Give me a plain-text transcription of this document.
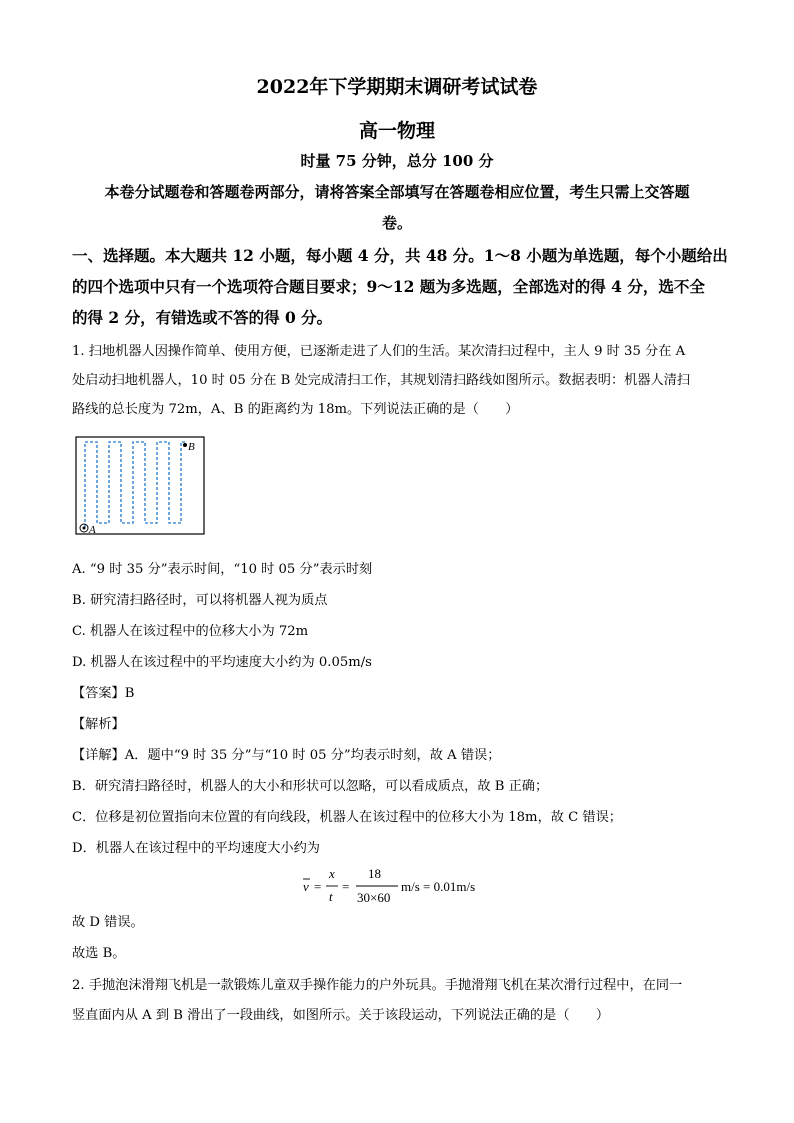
2022年下学期期末调研考试试卷
高一物理
时量 75 分钟，总分 100 分
本卷分试题卷和答题卷两部分，请将答案全部填写在答题卷相应位置，考生只需上交答题
卷。
一、选择题。本大题共 12 小题，每小题 4 分，共 48 分。1～8 小题为单选题，每个小题给出
的四个选项中只有一个选项符合题目要求；9～12 题为多选题，全部选对的得 4 分，选不全
的得 2 分，有错选或不答的得 0 分。
1. 扫地机器人因操作简单、使用方便，已逐渐走进了人们的生活。某次清扫过程中，主人 9 时 35 分在 A
处启动扫地机器人，10 时 05 分在 B 处完成清扫工作，其规划清扫路线如图所示。数据表明：机器人清扫
路线的总长度为 72m，A、B 的距离约为 18m。下列说法正确的是（　　）
B
A
A. “9 时 35 分”表示时间，“10 时 05 分”表示时刻
B. 研究清扫路径时，可以将机器人视为质点
C. 机器人在该过程中的位移大小为 72m
D. 机器人在该过程中的平均速度大小约为 0.05m/s
【答案】B
【解析】
【详解】A．题中“9 时 35 分”与“10 时 05 分”均表示时刻，故 A 错误；
B．研究清扫路径时，机器人的大小和形状可以忽略，可以看成质点，故 B 正确；
C．位移是初位置指向末位置的有向线段，机器人在该过程中的位移大小为 18m，故 C 错误；
D．机器人在该过程中的平均速度大小约为
v =
x
t
=
18
30×60
m/s = 0.01m/s
故 D 错误。
故选 B。
2. 手抛泡沫滑翔飞机是一款锻炼儿童双手操作能力的户外玩具。手抛滑翔飞机在某次滑行过程中，在同一
竖直面内从 A 到 B 滑出了一段曲线，如图所示。关于该段运动，下列说法正确的是（　　）
